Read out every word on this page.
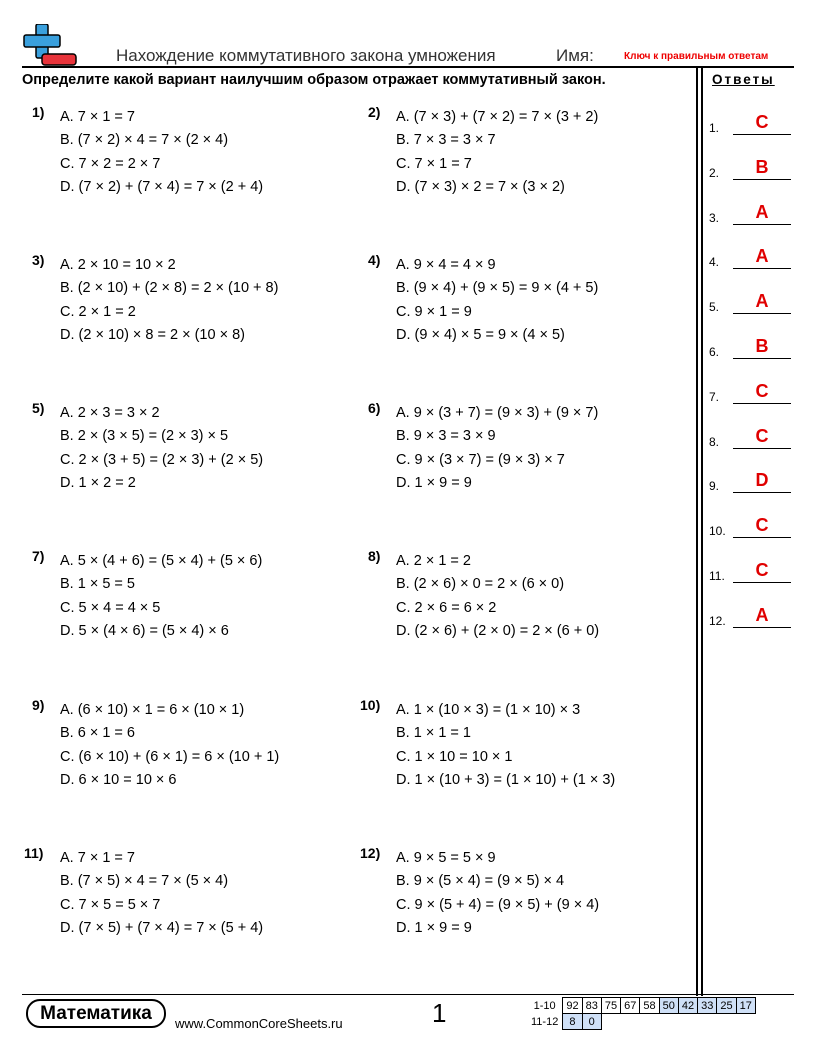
Нахождение коммутативного закона умножения	Имя:	Ключ к правильным ответам
Определите какой вариант наилучшим образом отражает коммутативный закон.	Ответы
1) A. 7 × 1 = 7
B. (7 × 2) × 4 = 7 × (2 × 4)
C. 7 × 2 = 2 × 7
D. (7 × 2) + (7 × 4) = 7 × (2 + 4)
2) A. (7 × 3) + (7 × 2) = 7 × (3 + 2)
B. 7 × 3 = 3 × 7
C. 7 × 1 = 7
D. (7 × 3) × 2 = 7 × (3 × 2)
3) A. 2 × 10 = 10 × 2
B. (2 × 10) + (2 × 8) = 2 × (10 + 8)
C. 2 × 1 = 2
D. (2 × 10) × 8 = 2 × (10 × 8)
4) A. 9 × 4 = 4 × 9
B. (9 × 4) + (9 × 5) = 9 × (4 + 5)
C. 9 × 1 = 9
D. (9 × 4) × 5 = 9 × (4 × 5)
5) A. 2 × 3 = 3 × 2
B. 2 × (3 × 5) = (2 × 3) × 5
C. 2 × (3 + 5) = (2 × 3) + (2 × 5)
D. 1 × 2 = 2
6) A. 9 × (3 + 7) = (9 × 3) + (9 × 7)
B. 9 × 3 = 3 × 9
C. 9 × (3 × 7) = (9 × 3) × 7
D. 1 × 9 = 9
7) A. 5 × (4 + 6) = (5 × 4) + (5 × 6)
B. 1 × 5 = 5
C. 5 × 4 = 4 × 5
D. 5 × (4 × 6) = (5 × 4) × 6
8) A. 2 × 1 = 2
B. (2 × 6) × 0 = 2 × (6 × 0)
C. 2 × 6 = 6 × 2
D. (2 × 6) + (2 × 0) = 2 × (6 + 0)
9) A. (6 × 10) × 1 = 6 × (10 × 1)
B. 6 × 1 = 6
C. (6 × 10) + (6 × 1) = 6 × (10 + 1)
D. 6 × 10 = 10 × 6
10) A. 1 × (10 × 3) = (1 × 10) × 3
B. 1 × 1 = 1
C. 1 × 10 = 10 × 1
D. 1 × (10 + 3) = (1 × 10) + (1 × 3)
11) A. 7 × 1 = 7
B. (7 × 5) × 4 = 7 × (5 × 4)
C. 7 × 5 = 5 × 7
D. (7 × 5) + (7 × 4) = 7 × (5 + 4)
12) A. 9 × 5 = 5 × 9
B. 9 × (5 × 4) = (9 × 5) × 4
C. 9 × (5 + 4) = (9 × 5) + (9 × 4)
D. 1 × 9 = 9
1.	C
2.	B
3.	A
4.	A
5.	A
6.	B
7.	C
8.	C
9.	D
10.	C
11.	C
12.	A
Математика	www.CommonCoreSheets.ru	1	1-10	92	83	75	67	58	50	42	33	25	17
11-12	8	0								
